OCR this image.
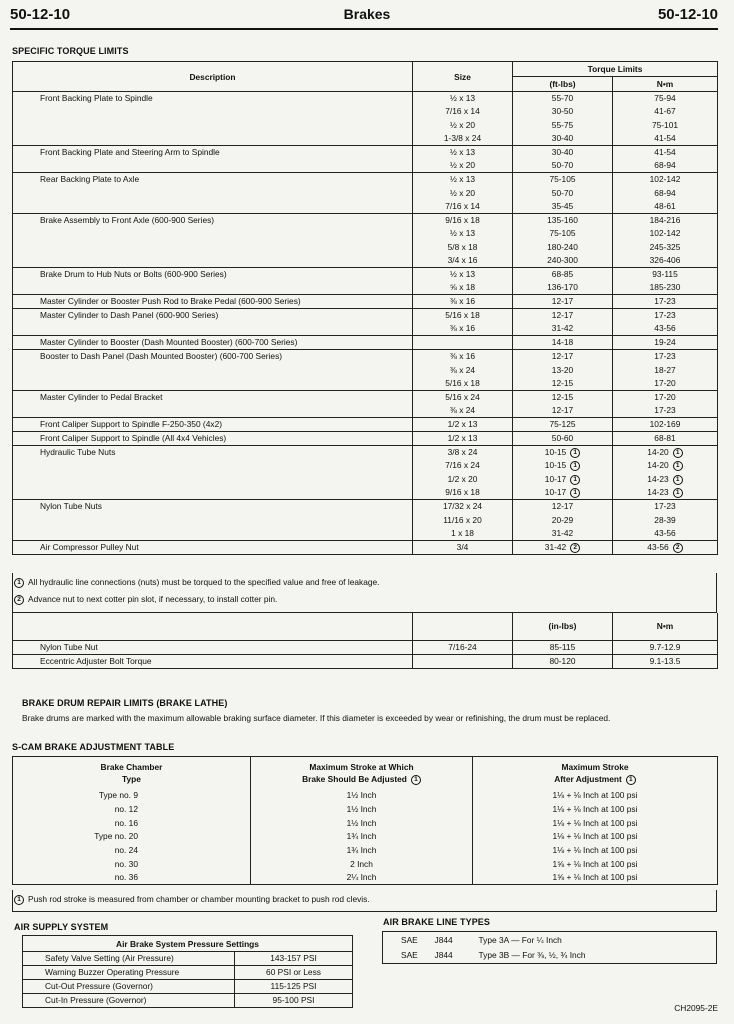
50-12-10	Brakes	50-12-10
SPECIFIC TORQUE LIMITS
Description	Size	Torque Limits	
		(ft-lbs)	N•m
Front Backing Plate to Spindle	½ x 13	55-70	75-94
	7/16 x 14	30-50	41-67
	½ x 20	55-75	75-101
	1-3/8 x 24	30-40	41-54
Front Backing Plate and Steering Arm to Spindle	½ x 13	30-40	41-54
	½ x 20	50-70	68-94
Rear Backing Plate to Axle	½ x 13	75-105	102-142
	½ x 20	50-70	68-94
	7/16 x 14	35-45	48-61
Brake Assembly to Front Axle (600-900 Series)	9/16 x 18	135-160	184-216
	½ x 13	75-105	102-142
	5/8 x 18	180-240	245-325
	3/4 x 16	240-300	326-406
Brake Drum to Hub Nuts or Bolts (600-900 Series)	½ x 13	68-85	93-115
	⅝ x 18	136-170	185-230
Master Cylinder or Booster Push Rod to Brake Pedal (600-900 Series)	⅜ x 16	12-17	17-23
Master Cylinder to Dash Panel (600-900 Series)	5/16 x 18	12-17	17-23
	⅜ x 16	31-42	43-56
Master Cylinder to Booster (Dash Mounted Booster) (600-700 Series)		14-18	19-24
Booster to Dash Panel (Dash Mounted Booster) (600-700 Series)	⅜ x 16	12-17	17-23
	⅜ x 24	13-20	18-27
	5/16 x 18	12-15	17-20
Master Cylinder to Pedal Bracket	5/16 x 24	12-15	17-20
	⅜ x 24	12-17	17-23
Front Caliper Support to Spindle F-250-350 (4x2)	1/2 x 13	75-125	102-169
Front Caliper Support to Spindle (All 4x4 Vehicles)	1/2 x 13	50-60	68-81
Hydraulic Tube Nuts	3/8 x 24	10-15 1	14-20 1
	7/16 x 24	10-15 1	14-20 1
	1/2 x 20	10-17 1	14-23 1
	9/16 x 18	10-17 1	14-23 1
Nylon Tube Nuts	17/32 x 24	12-17	17-23
	11/16 x 20	20-29	28-39
	1 x 18	31-42	43-56
Air Compressor Pulley Nut	3/4	31-42 2	43-56 2
1 All hydraulic line connections (nuts) must be torqued to the specified value and free of leakage.
2 Advance nut to next cotter pin slot, if necessary, to install cotter pin.
		(in-lbs)	N•m
Nylon Tube Nut	7/16-24	85-115	9.7-12.9
Eccentric Adjuster Bolt Torque		80-120	9.1-13.5
BRAKE DRUM REPAIR LIMITS (BRAKE LATHE)
Brake drums are marked with the maximum allowable braking surface diameter. If this diameter is exceeded by wear or refinishing, the drum must be replaced.
S-CAM BRAKE ADJUSTMENT TABLE
Brake Chamber	Maximum Stroke at Which	Maximum Stroke
Type	Brake Should Be Adjusted 1	After Adjustment 1
Type no. 9	1½ Inch	1⅛ + ⅛ Inch at 100 psi
no. 12	1½ Inch	1⅛ + ⅛ Inch at 100 psi
no. 16	1½ Inch	1⅛ + ⅛ Inch at 100 psi
Type no. 20	1¾ Inch	1⅛ + ⅛ Inch at 100 psi
no. 24	1¾ Inch	1⅛ + ⅛ Inch at 100 psi
no. 30	2 Inch	1⅝ + ⅛ Inch at 100 psi
no. 36	2¼ Inch	1⅝ + ⅛ Inch at 100 psi
1 Push rod stroke is measured from chamber or chamber mounting bracket to push rod clevis.
AIR SUPPLY SYSTEM
Air Brake System Pressure Settings	
Safety Valve Setting (Air Pressure)	143-157 PSI
Warning Buzzer Operating Pressure	60 PSI or Less
Cut-Out Pressure (Governor)	115-125 PSI
Cut-In Pressure (Governor)	95-100 PSI
AIR BRAKE LINE TYPES
SAE	J844	Type 3A — For ¼ Inch
SAE	J844	Type 3B — For ⅜, ½, ¾ Inch
CH2095-2E
